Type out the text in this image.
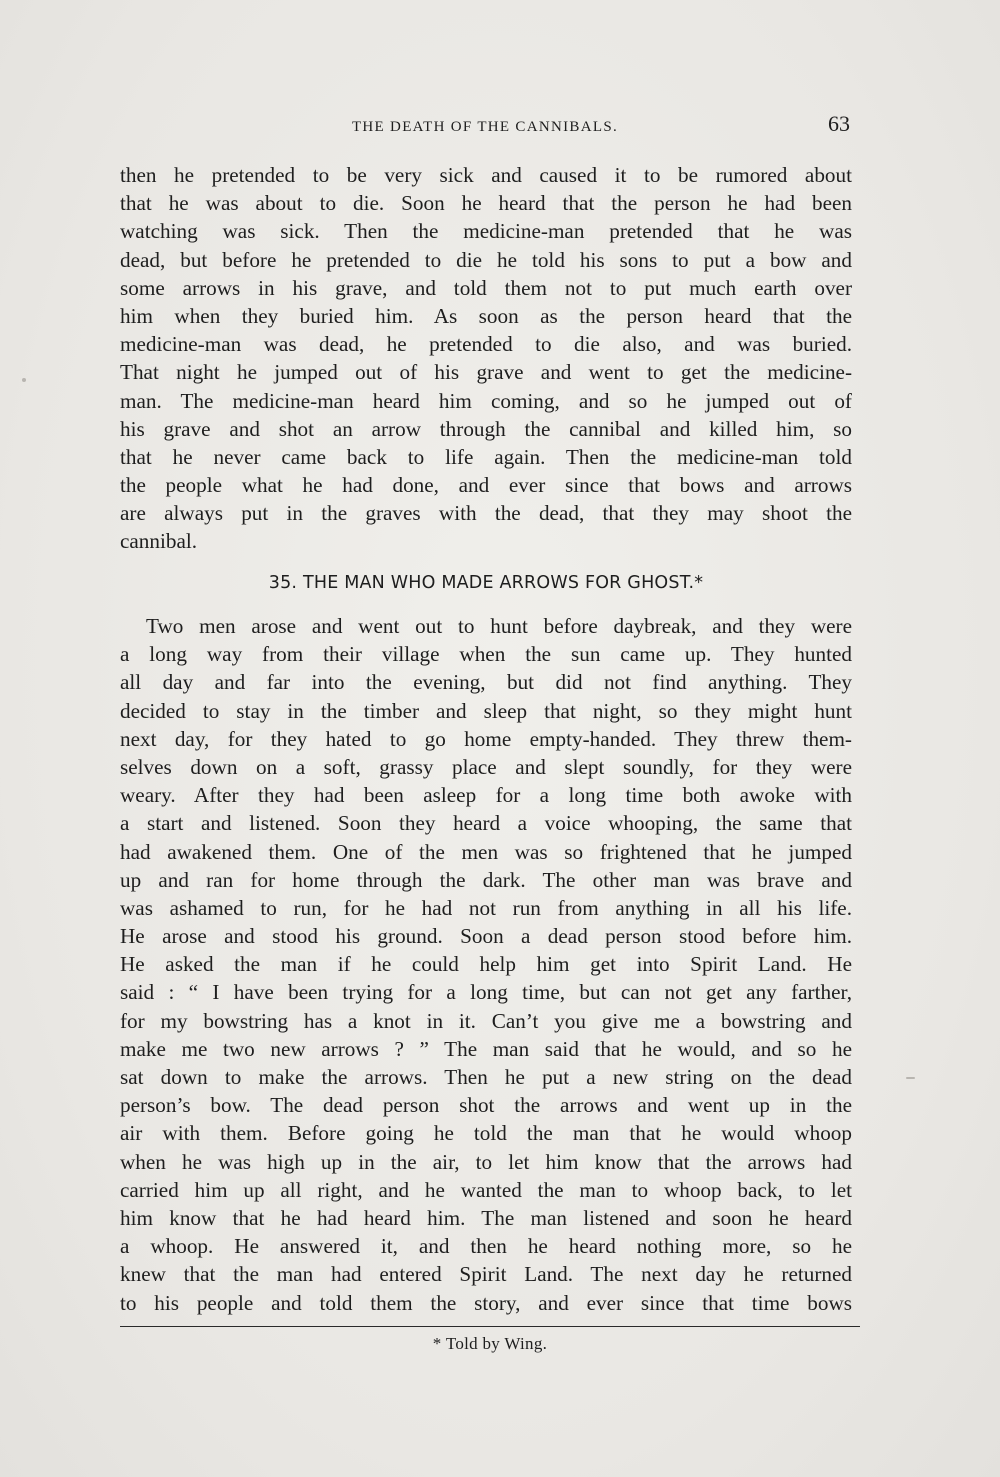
THE DEATH OF THE CANNIBALS.	63
then he pretended to be very sick and caused it to be rumored about
that he was about to die. Soon he heard that the person he had been
watching was sick. Then the medicine-man pretended that he was
dead, but before he pretended to die he told his sons to put a bow and
some arrows in his grave, and told them not to put much earth over
him when they buried him. As soon as the person heard that the
medicine-man was dead, he pretended to die also, and was buried.
That night he jumped out of his grave and went to get the medicine-
man. The medicine-man heard him coming, and so he jumped out of
his grave and shot an arrow through the cannibal and killed him, so
that he never came back to life again. Then the medicine-man told
the people what he had done, and ever since that bows and arrows
are always put in the graves with the dead, that they may shoot the
cannibal.
35. THE MAN WHO MADE ARROWS FOR GHOST.*
Two men arose and went out to hunt before daybreak, and they were
a long way from their village when the sun came up. They hunted
all day and far into the evening, but did not find anything. They
decided to stay in the timber and sleep that night, so they might hunt
next day, for they hated to go home empty-handed. They threw them-
selves down on a soft, grassy place and slept soundly, for they were
weary. After they had been asleep for a long time both awoke with
a start and listened. Soon they heard a voice whooping, the same that
had awakened them. One of the men was so frightened that he jumped
up and ran for home through the dark. The other man was brave and
was ashamed to run, for he had not run from anything in all his life.
He arose and stood his ground. Soon a dead person stood before him.
He asked the man if he could help him get into Spirit Land. He
said : “ I have been trying for a long time, but can not get any farther,
for my bowstring has a knot in it. Can’t you give me a bowstring and
make me two new arrows ? ” The man said that he would, and so he
sat down to make the arrows. Then he put a new string on the dead
person’s bow. The dead person shot the arrows and went up in the
air with them. Before going he told the man that he would whoop
when he was high up in the air, to let him know that the arrows had
carried him up all right, and he wanted the man to whoop back, to let
him know that he had heard him. The man listened and soon he heard
a whoop. He answered it, and then he heard nothing more, so he
knew that the man had entered Spirit Land. The next day he returned
to his people and told them the story, and ever since that time bows
* Told by Wing.
